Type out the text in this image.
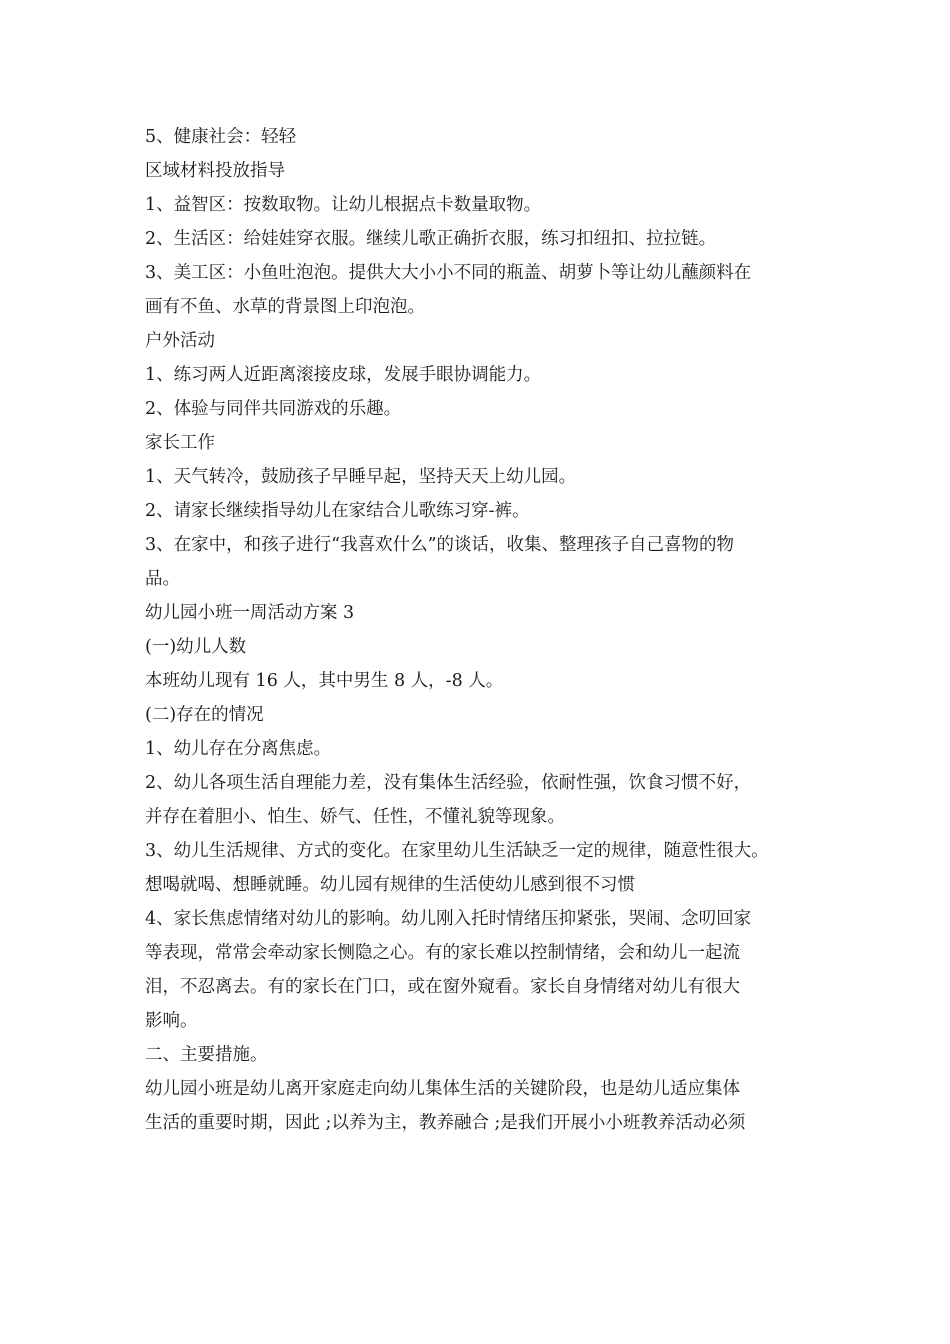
5、健康社会：轻轻

区域材料投放指导

1、益智区：按数取物。让幼儿根据点卡数量取物。

2、生活区：给娃娃穿衣服。继续儿歌正确折衣服，练习扣纽扣、拉拉链。

3、美工区：小鱼吐泡泡。提供大大小小不同的瓶盖、胡萝卜等让幼儿蘸颜料在

画有不鱼、水草的背景图上印泡泡。

户外活动

1、练习两人近距离滚接皮球，发展手眼协调能力。

2、体验与同伴共同游戏的乐趣。

家长工作

1、天气转冷，鼓励孩子早睡早起，坚持天天上幼儿园。

2、请家长继续指导幼儿在家结合儿歌练习穿-裤。

3、在家中，和孩子进行“我喜欢什么”的谈话，收集、整理孩子自己喜物的物

品。

幼儿园小班一周活动方案 3

(一)幼儿人数

本班幼儿现有 16 人，其中男生 8 人，-8 人。

(二)存在的情况

1、幼儿存在分离焦虑。

2、幼儿各项生活自理能力差，没有集体生活经验，依耐性强，饮食习惯不好，

并存在着胆小、怕生、娇气、任性，不懂礼貌等现象。

3、幼儿生活规律、方式的变化。在家里幼儿生活缺乏一定的规律，随意性很大。

想喝就喝、想睡就睡。幼儿园有规律的生活使幼儿感到很不习惯

4、家长焦虑情绪对幼儿的影响。幼儿刚入托时情绪压抑紧张，哭闹、念叨回家

等表现，常常会牵动家长恻隐之心。有的家长难以控制情绪，会和幼儿一起流

泪，不忍离去。有的家长在门口，或在窗外窥看。家长自身情绪对幼儿有很大

影响。

二、主要措施。

幼儿园小班是幼儿离开家庭走向幼儿集体生活的关键阶段，也是幼儿适应集体

生活的重要时期，因此 ;以养为主，教养融合 ;是我们开展小小班教养活动必须
